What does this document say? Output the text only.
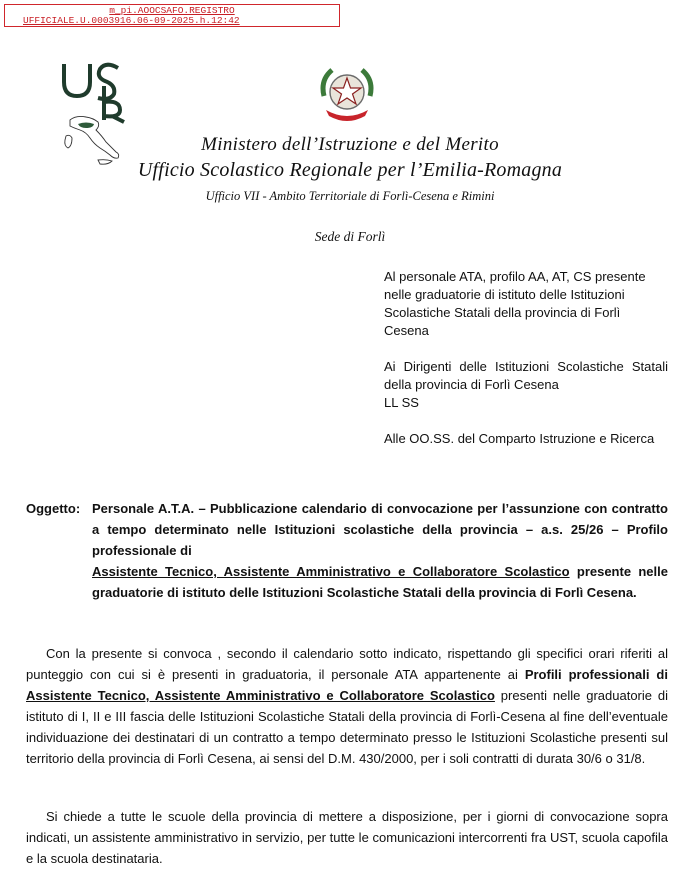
m_pi.AOOCSAFO.REGISTRO
UFFICIALE.U.0003916.06-09-2025.h.12:42
Ministero dell’Istruzione e del Merito
Ufficio Scolastico Regionale per l’Emilia-Romagna
Ufficio VII - Ambito Territoriale di Forlì-Cesena e Rimini
Sede di Forlì

Al personale ATA, profilo AA, AT, CS presente nelle graduatorie di istituto delle Istituzioni Scolastiche Statali della provincia di Forlì Cesena

Ai Dirigenti delle Istituzioni Scolastiche Statali della provincia di Forlì Cesena
LL SS

Alle OO.SS. del Comparto Istruzione e Ricerca

Oggetto: Personale A.T.A. – Pubblicazione calendario di convocazione per l’assunzione con contratto a tempo determinato nelle Istituzioni scolastiche della provincia – a.s. 25/26 – Profilo professionale di
Assistente Tecnico, Assistente Amministrativo e Collaboratore Scolastico presente nelle graduatorie di istituto delle Istituzioni Scolastiche Statali della provincia di Forlì Cesena.

Con la presente si convoca , secondo il calendario sotto indicato, rispettando gli specifici orari riferiti al punteggio con cui si è presenti in graduatoria, il personale ATA appartenente ai Profili professionali di Assistente Tecnico, Assistente Amministrativo e Collaboratore Scolastico presenti nelle graduatorie di istituto di I, II e III fascia delle Istituzioni Scolastiche Statali della provincia di Forlì-Cesena al fine dell’eventuale individuazione dei destinatari di un contratto a tempo determinato presso le Istituzioni Scolastiche presenti sul territorio della provincia di Forlì Cesena, ai sensi del D.M. 430/2000, per i soli contratti di durata 30/6 o 31/8.

Si chiede a tutte le scuole della provincia di mettere a disposizione, per i giorni di convocazione sopra indicati, un assistente amministrativo in servizio, per tutte le comunicazioni intercorrenti fra UST, scuola capofila e la scuola destinataria.
